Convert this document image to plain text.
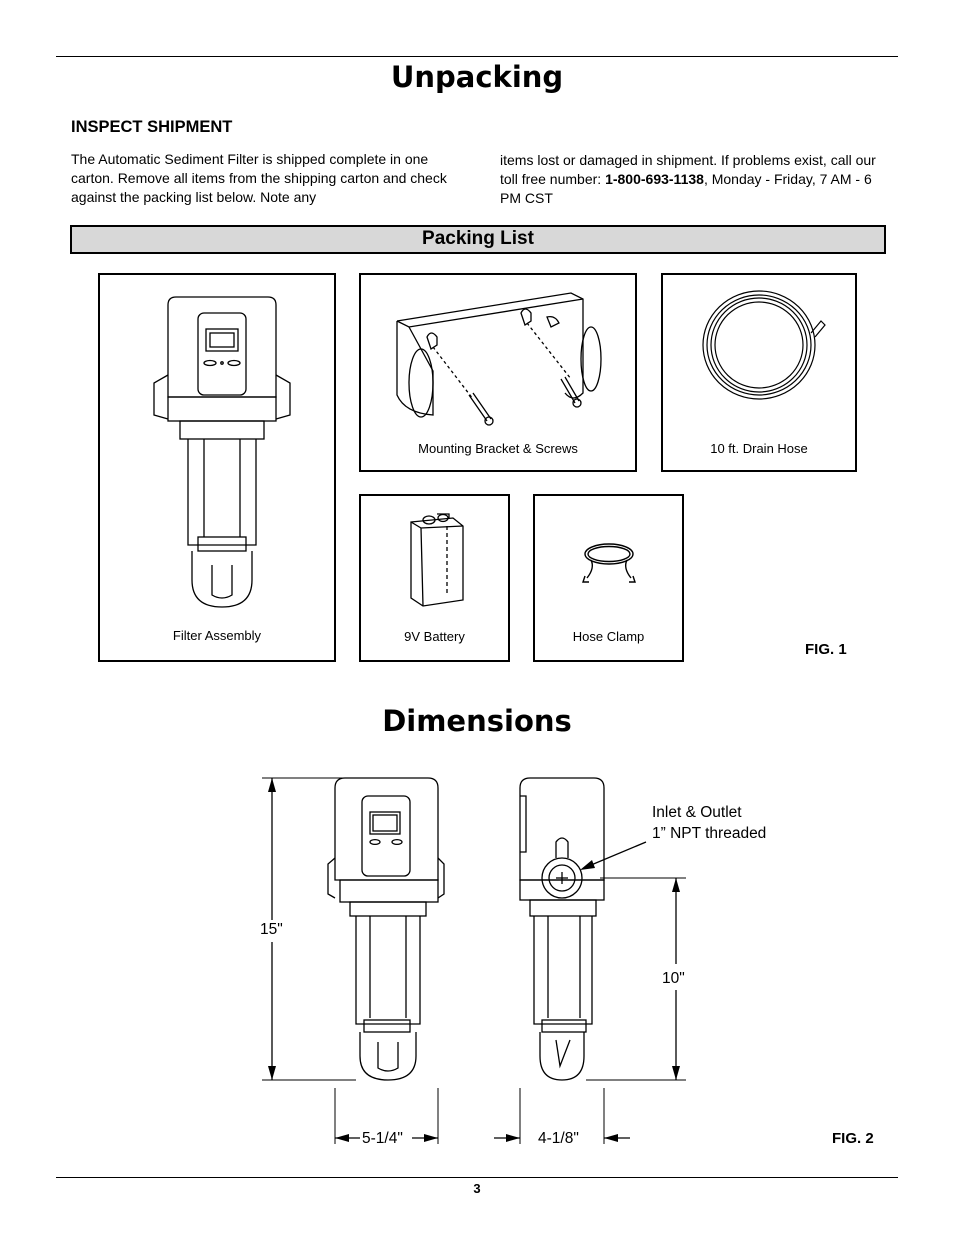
Unpacking
INSPECT SHIPMENT

The Automatic Sediment Filter is shipped complete in one carton. Remove all items from the shipping carton and check against the packing list below. Note any

items lost or damaged in shipment. If problems exist, call our toll free number: 1-800-693-1138, Monday - Friday, 7 AM - 6 PM CST

Packing List
Filter Assembly
Mounting Bracket & Screws	10 ft. Drain Hose
9V Battery	Hose Clamp
FIG. 1
Dimensions
15"
10"
5-1/4"	4-1/8"
Inlet & Outlet
1” NPT threaded
FIG. 2
3
